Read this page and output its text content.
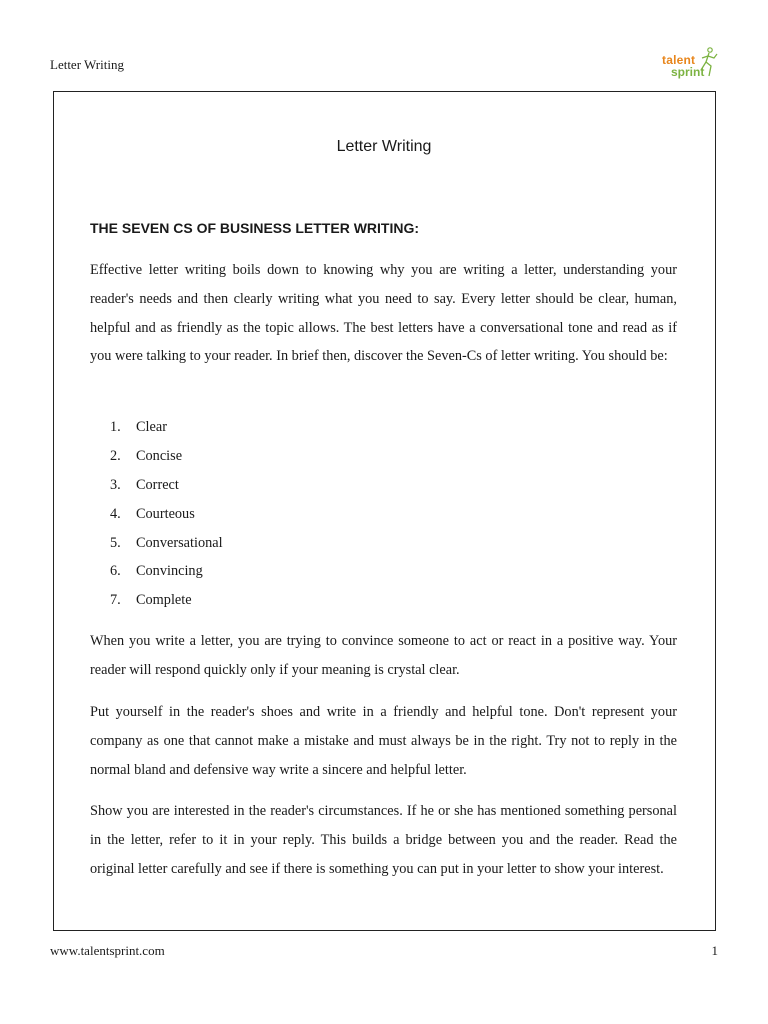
Letter Writing	talent
sprint
Letter Writing
THE SEVEN CS OF BUSINESS LETTER WRITING:

Effective letter writing boils down to knowing why you are writing a letter, understanding your reader's needs and then clearly writing what you need to say. Every letter should be clear, human, helpful and as friendly as the topic allows. The best letters have a conversational tone and read as if you were talking to your reader. In brief then, discover the Seven-Cs of letter writing. You should be:

1. Clear
2. Concise
3. Correct
4. Courteous
5. Conversational
6. Convincing
7. Complete

When you write a letter, you are trying to convince someone to act or react in a positive way. Your reader will respond quickly only if your meaning is crystal clear.

Put yourself in the reader's shoes and write in a friendly and helpful tone. Don't represent your company as one that cannot make a mistake and must always be in the right. Try not to reply in the normal bland and defensive way write a sincere and helpful letter.

Show you are interested in the reader's circumstances. If he or she has mentioned something personal in the letter, refer to it in your reply. This builds a bridge between you and the reader. Read the original letter carefully and see if there is something you can put in your letter to show your interest.

www.talentsprint.com	1
